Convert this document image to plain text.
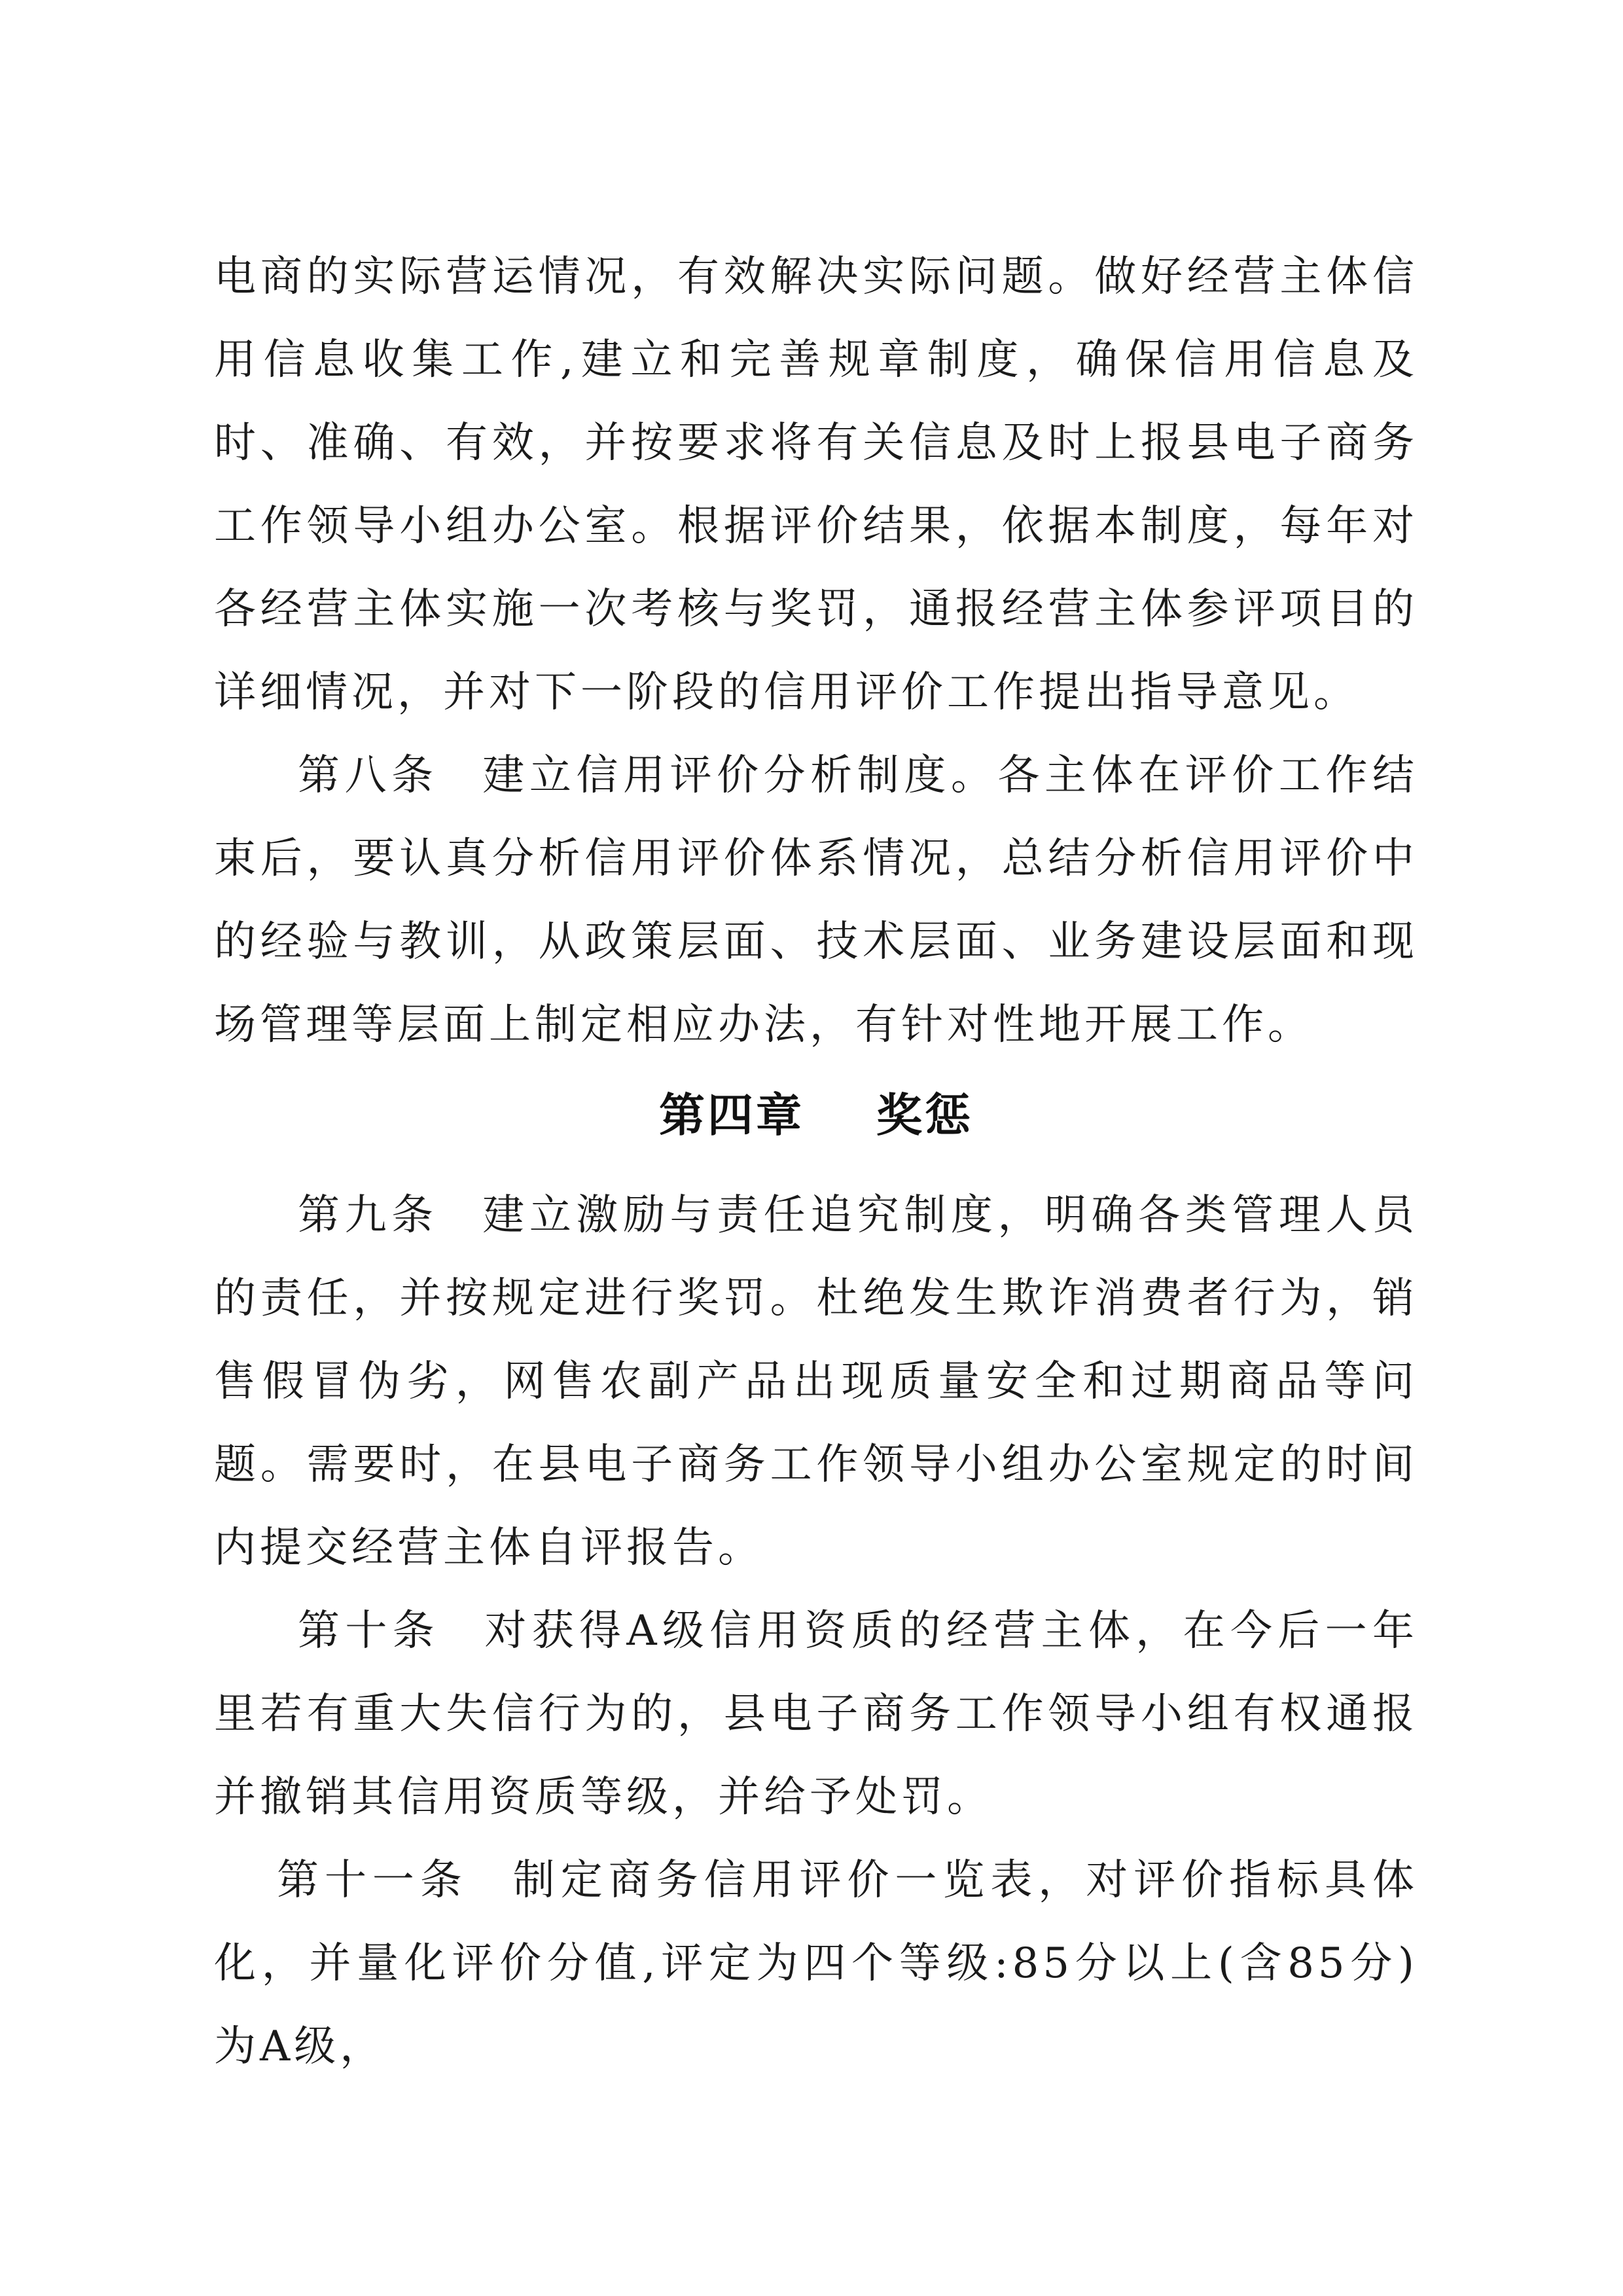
电商的实际营运情况，有效解决实际问题。做好经营主体信用信息收集工作,建立和完善规章制度，确保信用信息及时、准确、有效，并按要求将有关信息及时上报县电子商务工作领导小组办公室。根据评价结果，依据本制度，每年对各经营主体实施一次考核与奖罚，通报经营主体参评项目的详细情况，并对下一阶段的信用评价工作提出指导意见。

第八条 建立信用评价分析制度。各主体在评价工作结束后，要认真分析信用评价体系情况，总结分析信用评价中的经验与教训，从政策层面、技术层面、业务建设层面和现场管理等层面上制定相应办法，有针对性地开展工作。

第四章 奖惩

第九条 建立激励与责任追究制度，明确各类管理人员的责任，并按规定进行奖罚。杜绝发生欺诈消费者行为，销售假冒伪劣，网售农副产品出现质量安全和过期商品等问题。需要时，在县电子商务工作领导小组办公室规定的时间内提交经营主体自评报告。

第十条 对获得A级信用资质的经营主体，在今后一年里若有重大失信行为的，县电子商务工作领导小组有权通报并撤销其信用资质等级，并给予处罚。

第十一条 制定商务信用评价一览表，对评价指标具体化，并量化评价分值,评定为四个等级:85分以上(含85分)为A级，
